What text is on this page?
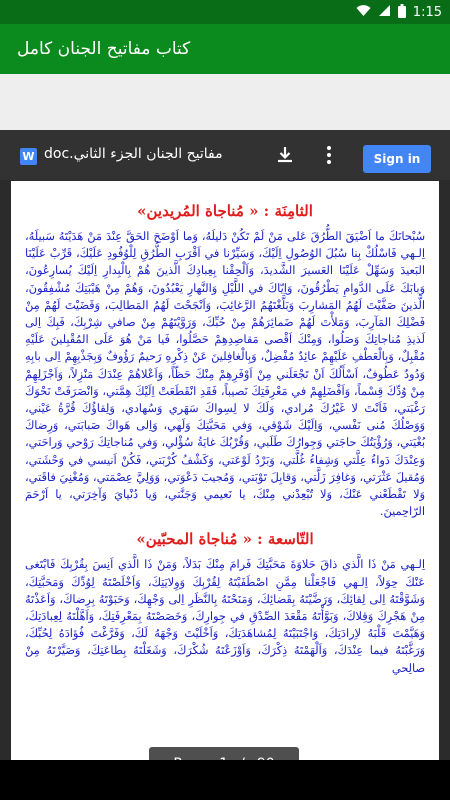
1:15
كتاب مفاتيح الجنان كامل
W مفاتيح الجنان الجزء الثاني.doc	Sign in
الثامِنَة : « مُناجاة المُريدين»
سُبْحانَكَ ما اَضْيَقَ الطُّرُقَ عَلى مَنْ لَمْ تَكُنْ دَليلَهُ، وَما اَوْضَحَ الحَقَّ عِنْدَ مَنْ هَدَيْتَهُ سَبيلَهُ، اِلـهي فَاسْلُكْ بِنا سُبُلَ الوُصُولِ اِلَيْكَ، وَسَيِّرْنا في اَقْرَبِ الطُّرُقِ لِلْوُفُودِ عَلَيْكَ، قَرِّبْ عَلَيْنَا البَعيدَ وَسَهِّلْ عَلَيْنَا العَسيرَ الشَّديدَ، وَاَلْحِقْنا بِعِبادِكَ الَّذينَ هُمْ بِالْبِدارِ اِلَيْكَ يُسارِعُونَ، وَبابَكَ عَلَى الدَّوامِ يَطْرُقُونَ، وَاِيّاكَ في اللَّيْلِ وَالنَّهارِ يَعْبُدُونَ، وَهُمْ مِنْ هَيْبَتِكَ مُشْفِقُونَ، الَّذينَ صَفَّيْتَ لَهُمُ المَشارِبَ وَبَلَّغْتَهُمُ الرَّغائِبَ، وَاَنْجَحْتَ لَهُمُ المَطالِبَ، وَقَضَيْتَ لَهُمْ مِنْ فَضْلِكَ المَآرِبَ، وَمَلأْتَ لَهُمْ ضَمائِرَهُمْ مِنْ حُبِّكَ، وَرَوَّيْتَهُمْ مِنْ صافي شِرْبِكَ، فَبِكَ اِلى لَذيذِ مُناجاتِكَ وَصَلُوا، وَمِنْكَ اَقْصى مَقاصِدِهِمْ حَصَّلُوا، فَيا مَنْ هُوَ عَلَى المُقْبِلينَ عَلَيْهِ مُقْبِلٌ، وَبِالْعَطْفِ عَلَيْهِمْ عائِدٌ مُفْضِلٌ، وَبِالْغافِلينَ عَنْ ذِكْرِهِ رَحيمٌ رَؤُوفٌ وَبِجَذْبِهِمْ اِلى بابِهِ وَدُودٌ عَطُوفٌ، اَسْأَلُكَ اَنْ تَجْعَلَني مِنْ اَوْفَرِهِمْ مِنْكَ حَظّاً، وَاَعْلاهُمْ عِنْدَكَ مَنْزِلاً، وَاَجْزَلِهِمْ مِنْ وُدِّكَ قِسْماً، وَاَفْضَلِهِمْ في مَعْرِفَتِكَ نَصيباً، فَقَدِ انْقَطَعَتْ اِلَيْكَ هِمَّتي، وَانْصَرَفَتْ نَحْوَكَ رَغْبَتي، فَاَنْتَ لا غَيْرُكَ مُرادي، وَلَكَ لا لِسِواكَ سَهَري وَسُهادي، وَلِقاؤُكَ قُرَّةُ عَيْني، وَوَصْلُكَ مُنى نَفْسي، وَاِلَيْكَ شَوْقي، وَفي مَحَبَّتِكَ وَلَهي، وَاِلى هَواكَ صَبابَتي، وَرِضاكَ بُغْيَتي، وَرُؤْيَتُكَ حاجَتي وَجِوارُكَ طَلَبي، وَقُرْبُكَ غايَةُ سُؤْلي، وَفي مُناجاتِكَ رَوْحي وَراحَتي، وَعِنْدَكَ دَواءُ عِلَّتي وَشِفاءُ غُلَّتي، وَبَرْدُ لَوْعَتي، وَكَشْفُ كُرْبَتي، فَكُنْ اَنيسي في وَحْشَتي، وَمُقيلَ عَثْرَتي، وَغافِرَ زَلَّتي، وَقابِلَ تَوْبَتي، وَمُجيبَ دَعْوَتي، وَوَلِيَّ عِصْمَتي، وَمُغْنِيَ فاقَتي، وَلا تَقْطَعْني عَنْكَ، وَلا تُبْعِدْني مِنْكَ، يا نَعيمي وَجَنَّتي، وَيا دُنْيايَ وَآخِرَتي، يا اَرْحَمَ الرّاحِمينَ.
التّاسعة : « مُناجاة المحبّين»
اِلـهي مَنْ ذَا الَّذي ذاقَ حَلاوَةَ مَحَبَّتِكَ فَرامَ مِنْكَ بَدَلاً، وَمَنْ ذَا الَّذي اَنِسَ بِقُرْبِكَ فَابْتَغى عَنْكَ حِوَلاً، اِلـهي فَاجْعَلْنا مِمَّنِ اصْطَفَيْتَهُ لِقُرْبِكَ وَوِلايَتِكَ، وَاَخْلَصْتَهُ لِوُدِّكَ وَمَحَبَّتِكَ، وَشَوَّقْتَهُ اِلى لِقائِكَ، وَرَضَّيْتَهُ بِقَضائِكَ، وَمَنَحْتَهُ بِالنَّظَرِ اِلى وَجْهِكَ، وَحَبَوْتَهُ بِرِضاكَ، وَاَعَذْتَهُ مِنْ هَجْرِكَ وَقِلاكَ، وَبَوَّأْتَهُ مَقْعَدَ الصِّدْقِ في جِوارِكَ، وَخَصَصْتَهُ بِمَعْرِفَتِكَ، وَاَهَّلْتَهُ لِعِبادَتِكَ، وَهَيَّمْتَ قَلْبَهُ لاِرادَتِكَ، وَاجْتَبَيْتَهُ لِمُشاهَدَتِكَ، وَاَخْلَيْتَ وَجْهَهُ لَكَ، وَفَرَّغْتَ فُؤادَهُ لِحُبِّكَ، وَرَغَّبْتَهُ فيما عِنْدَكَ، وَاَلْهَمْتَهُ ذِكْرَكَ، وَاَوْزَعْتَهُ شُكْرَكَ، وَشَغَلْتَهُ بِطاعَتِكَ، وَصَيَّرْتَهُ مِنْ صالِحي
